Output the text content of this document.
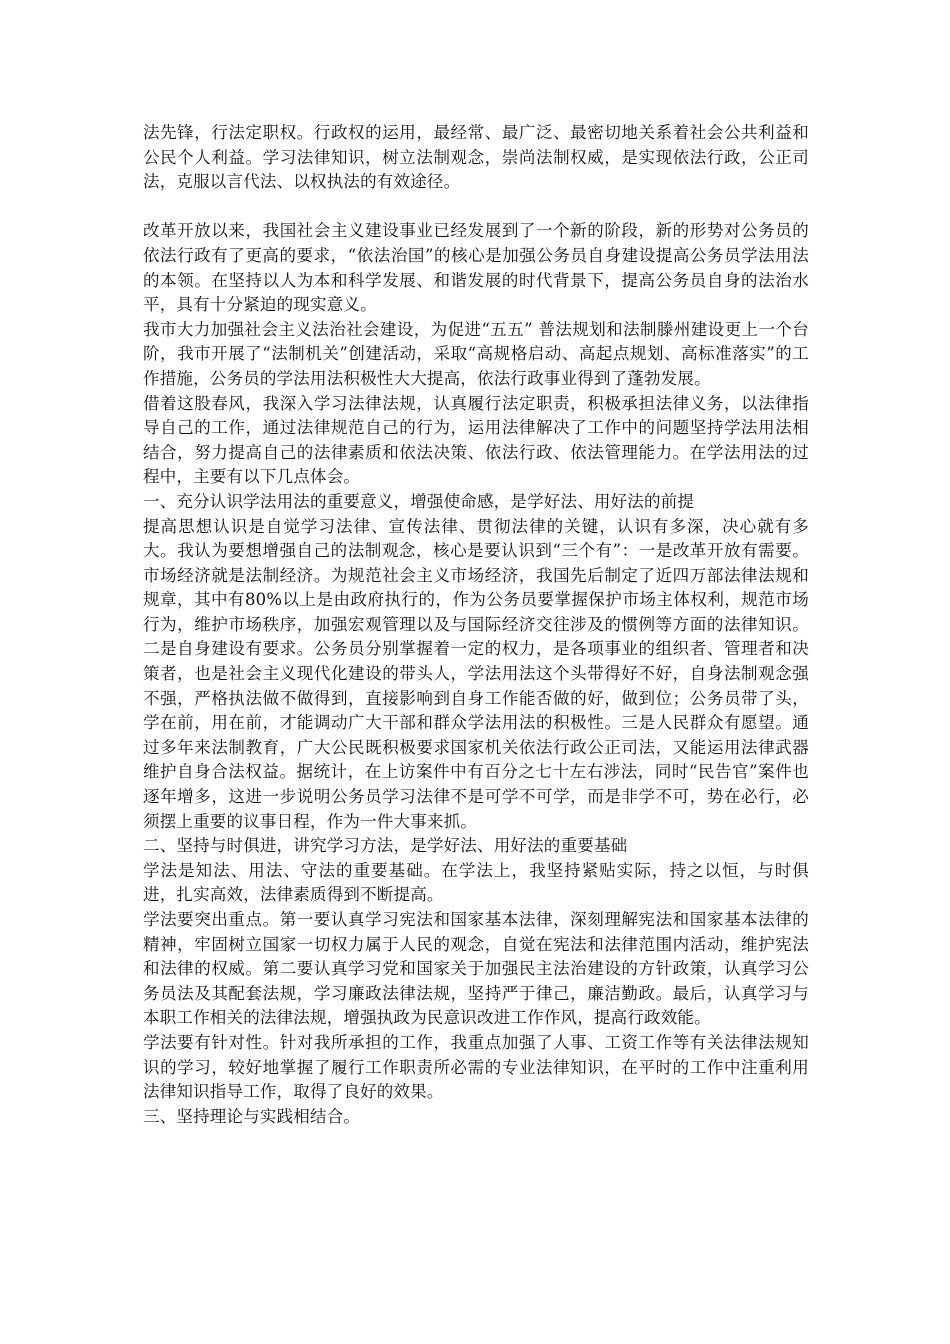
法先锋，行法定职权。行政权的运用，最经常、最广泛、最密切地关系着社会公共利益和公民个人利益。学习法律知识，树立法制观念，崇尚法制权威，是实现依法行政，公正司法，克服以言代法、以权执法的有效途径。

改革开放以来，我国社会主义建设事业已经发展到了一个新的阶段，新的形势对公务员的依法行政有了更高的要求，“依法治国”的核心是加强公务员自身建设提高公务员学法用法的本领。在坚持以人为本和科学发展、和谐发展的时代背景下，提高公务员自身的法治水平，具有十分紧迫的现实意义。

我市大力加强社会主义法治社会建设，为促进“五五” 普法规划和法制滕州建设更上一个台阶，我市开展了“法制机关”创建活动，采取“高规格启动、高起点规划、高标准落实”的工作措施，公务员的学法用法积极性大大提高，依法行政事业得到了蓬勃发展。

借着这股春风，我深入学习法律法规，认真履行法定职责，积极承担法律义务，以法律指导自己的工作，通过法律规范自己的行为，运用法律解决了工作中的问题坚持学法用法相结合，努力提高自己的法律素质和依法决策、依法行政、依法管理能力。在学法用法的过程中，主要有以下几点体会。

一、充分认识学法用法的重要意义，增强使命感，是学好法、用好法的前提

提高思想认识是自觉学习法律、宣传法律、贯彻法律的关键，认识有多深，决心就有多大。我认为要想增强自己的法制观念，核心是要认识到“三个有”：一是改革开放有需要。市场经济就是法制经济。为规范社会主义市场经济，我国先后制定了近四万部法律法规和规章，其中有80%以上是由政府执行的，作为公务员要掌握保护市场主体权利，规范市场行为，维护市场秩序，加强宏观管理以及与国际经济交往涉及的惯例等方面的法律知识。二是自身建设有要求。公务员分别掌握着一定的权力，是各项事业的组织者、管理者和决策者，也是社会主义现代化建设的带头人，学法用法这个头带得好不好，自身法制观念强不强，严格执法做不做得到，直接影响到自身工作能否做的好，做到位；公务员带了头，学在前，用在前，才能调动广大干部和群众学法用法的积极性。三是人民群众有愿望。通过多年来法制教育，广大公民既积极要求国家机关依法行政公正司法，又能运用法律武器维护自身合法权益。据统计，在上访案件中有百分之七十左右涉法，同时“民告官”案件也逐年增多，这进一步说明公务员学习法律不是可学不可学，而是非学不可，势在必行，必须摆上重要的议事日程，作为一件大事来抓。

二、坚持与时俱进，讲究学习方法，是学好法、用好法的重要基础

学法是知法、用法、守法的重要基础。在学法上，我坚持紧贴实际，持之以恒，与时俱进，扎实高效，法律素质得到不断提高。

学法要突出重点。第一要认真学习宪法和国家基本法律，深刻理解宪法和国家基本法律的精神，牢固树立国家一切权力属于人民的观念，自觉在宪法和法律范围内活动，维护宪法和法律的权威。第二要认真学习党和国家关于加强民主法治建设的方针政策，认真学习公务员法及其配套法规，学习廉政法律法规，坚持严于律己，廉洁勤政。最后，认真学习与本职工作相关的法律法规，增强执政为民意识改进工作作风，提高行政效能。

学法要有针对性。针对我所承担的工作，我重点加强了人事、工资工作等有关法律法规知识的学习，较好地掌握了履行工作职责所必需的专业法律知识，在平时的工作中注重利用法律知识指导工作，取得了良好的效果。

三、坚持理论与实践相结合。
